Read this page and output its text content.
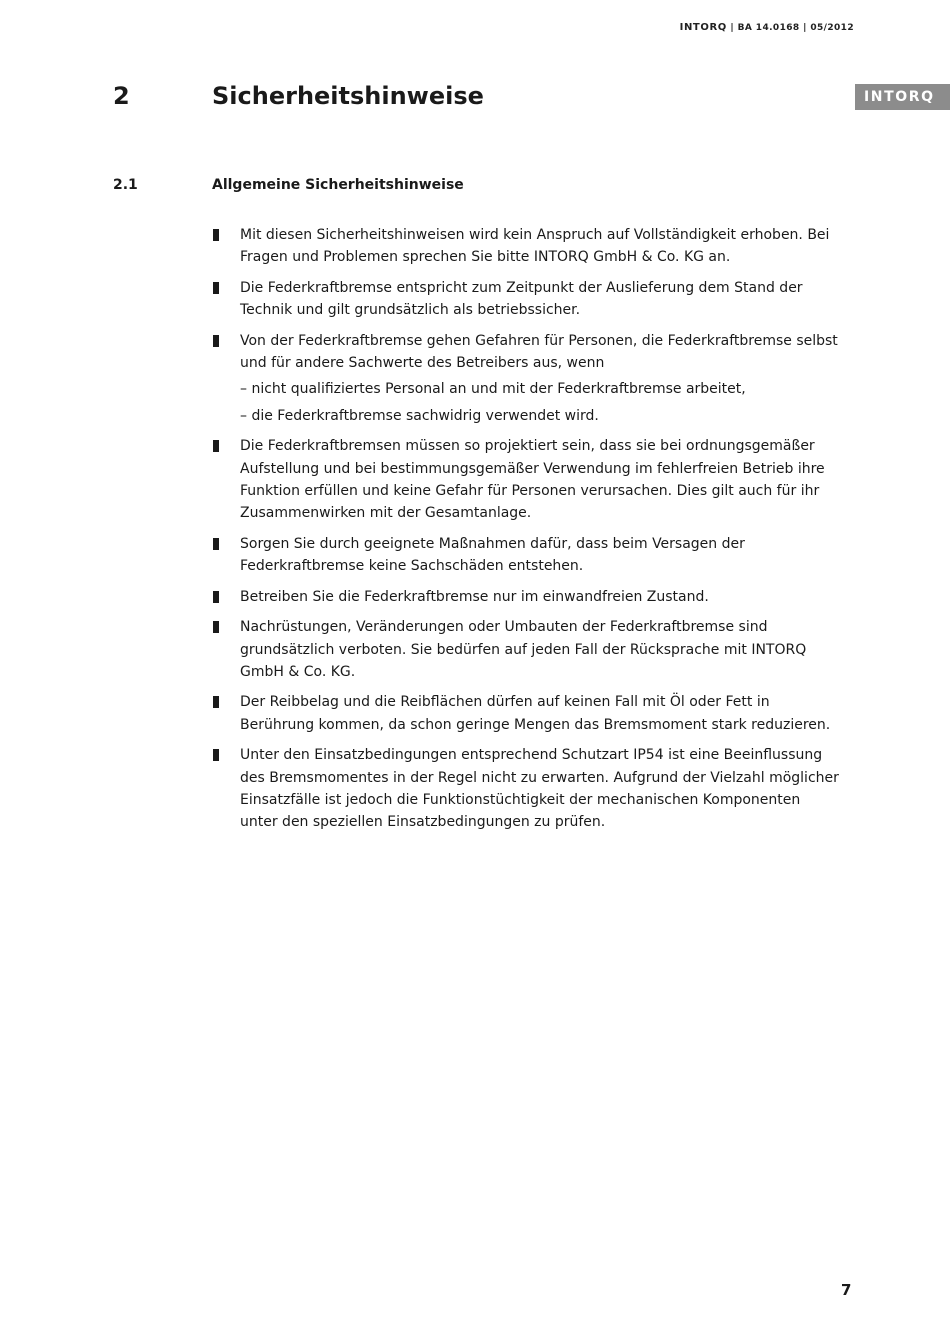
INTORQ | BA 14.0168 | 05/2012
2	Sicherheitshinweise	INTORQ
2.1	Allgemeine Sicherheitshinweise
Mit diesen Sicherheitshinweisen wird kein Anspruch auf Vollständigkeit erhoben. Bei Fragen und Problemen sprechen Sie bitte INTORQ GmbH & Co. KG an.
Die Federkraftbremse entspricht zum Zeitpunkt der Auslieferung dem Stand der Technik und gilt grundsätzlich als betriebssicher.
Von der Federkraftbremse gehen Gefahren für Personen, die Federkraftbremse selbst und für andere Sachwerte des Betreibers aus, wenn
– nicht qualifiziertes Personal an und mit der Federkraftbremse arbeitet,
– die Federkraftbremse sachwidrig verwendet wird.
Die Federkraftbremsen müssen so projektiert sein, dass sie bei ordnungsgemäßer Aufstellung und bei bestimmungsgemäßer Verwendung im fehlerfreien Betrieb ihre Funktion erfüllen und keine Gefahr für Personen verursachen. Dies gilt auch für ihr Zusammenwirken mit der Gesamtanlage.
Sorgen Sie durch geeignete Maßnahmen dafür, dass beim Versagen der Federkraftbremse keine Sachschäden entstehen.
Betreiben Sie die Federkraftbremse nur im einwandfreien Zustand.
Nachrüstungen, Veränderungen oder Umbauten der Federkraftbremse sind grundsätzlich verboten. Sie bedürfen auf jeden Fall der Rücksprache mit INTORQ GmbH & Co. KG.
Der Reibbelag und die Reibflächen dürfen auf keinen Fall mit Öl oder Fett in Berührung kommen, da schon geringe Mengen das Bremsmoment stark reduzieren.
Unter den Einsatzbedingungen entsprechend Schutzart IP54 ist eine Beeinflussung des Bremsmomentes in der Regel nicht zu erwarten. Aufgrund der Vielzahl möglicher Einsatzfälle ist jedoch die Funktionstüchtigkeit der mechanischen Komponenten unter den speziellen Einsatzbedingungen zu prüfen.
7
